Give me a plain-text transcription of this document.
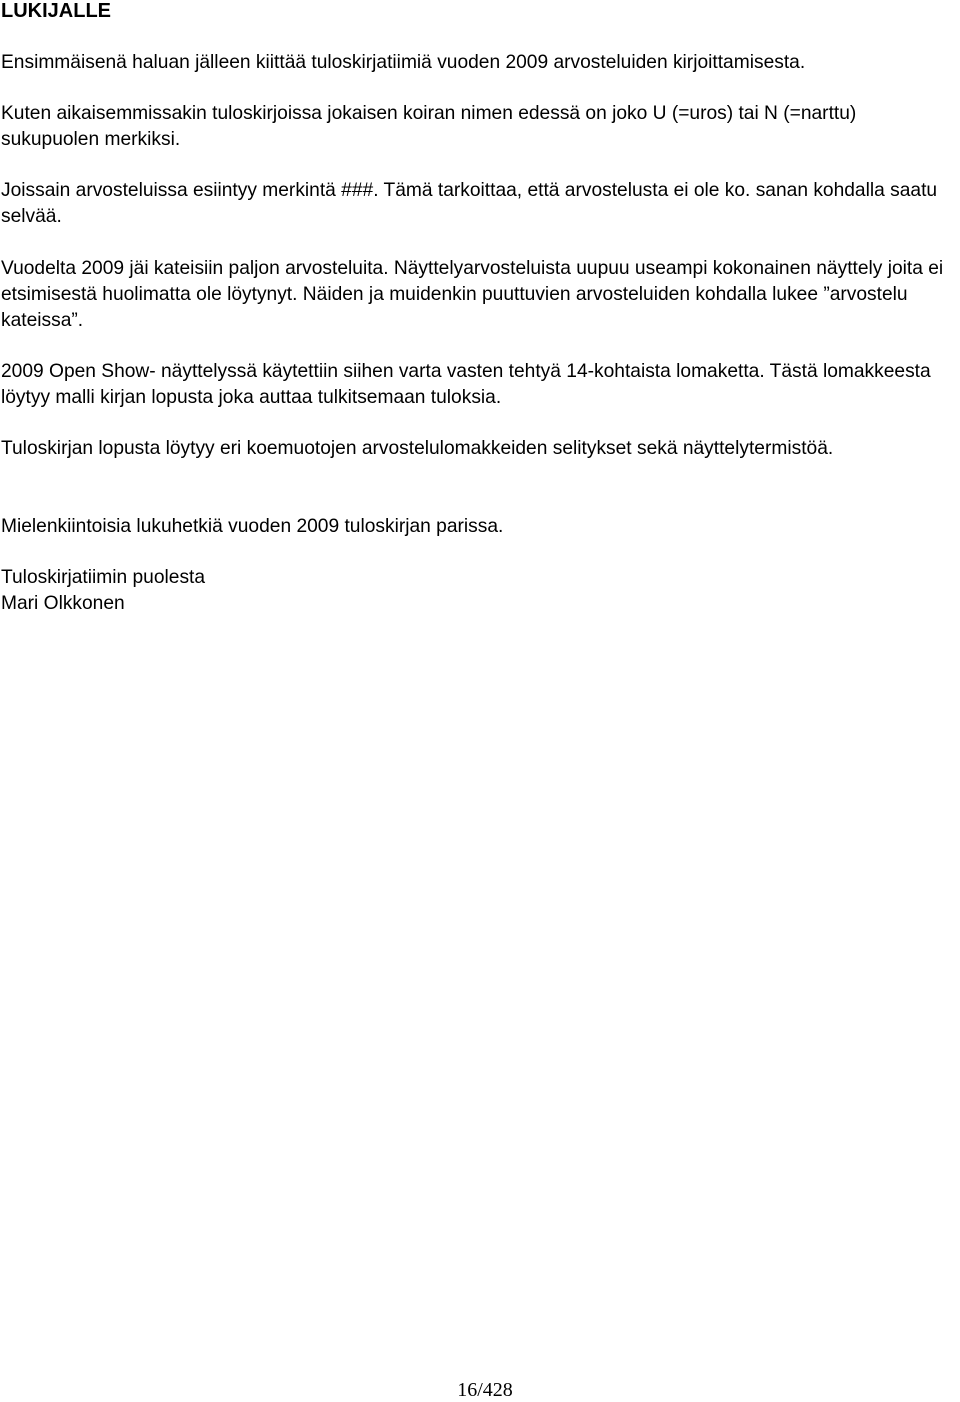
LUKIJALLE

Ensimmäisenä haluan jälleen kiittää tuloskirjatiimiä vuoden 2009 arvosteluiden kirjoittamisesta.

Kuten aikaisemmissakin tuloskirjoissa jokaisen koiran nimen edessä on joko U (=uros) tai N (=narttu) sukupuolen merkiksi.

Joissain arvosteluissa esiintyy merkintä ###. Tämä tarkoittaa, että arvostelusta ei ole ko. sanan kohdalla saatu selvää.

Vuodelta 2009 jäi kateisiin paljon arvosteluita. Näyttelyarvosteluista uupuu useampi kokonainen näyttely joita ei etsimisestä huolimatta ole löytynyt. Näiden ja muidenkin puuttuvien arvosteluiden kohdalla lukee ”arvostelu kateissa”.

2009 Open Show- näyttelyssä käytettiin siihen varta vasten tehtyä 14-kohtaista lomaketta. Tästä lomakkeesta löytyy malli kirjan lopusta joka auttaa tulkitsemaan tuloksia.

Tuloskirjan lopusta löytyy eri koemuotojen arvostelulomakkeiden selitykset sekä näyttelytermistöä.

Mielenkiintoisia lukuhetkiä vuoden 2009 tuloskirjan parissa.

Tuloskirjatiimin puolesta
Mari Olkkonen

16/428
